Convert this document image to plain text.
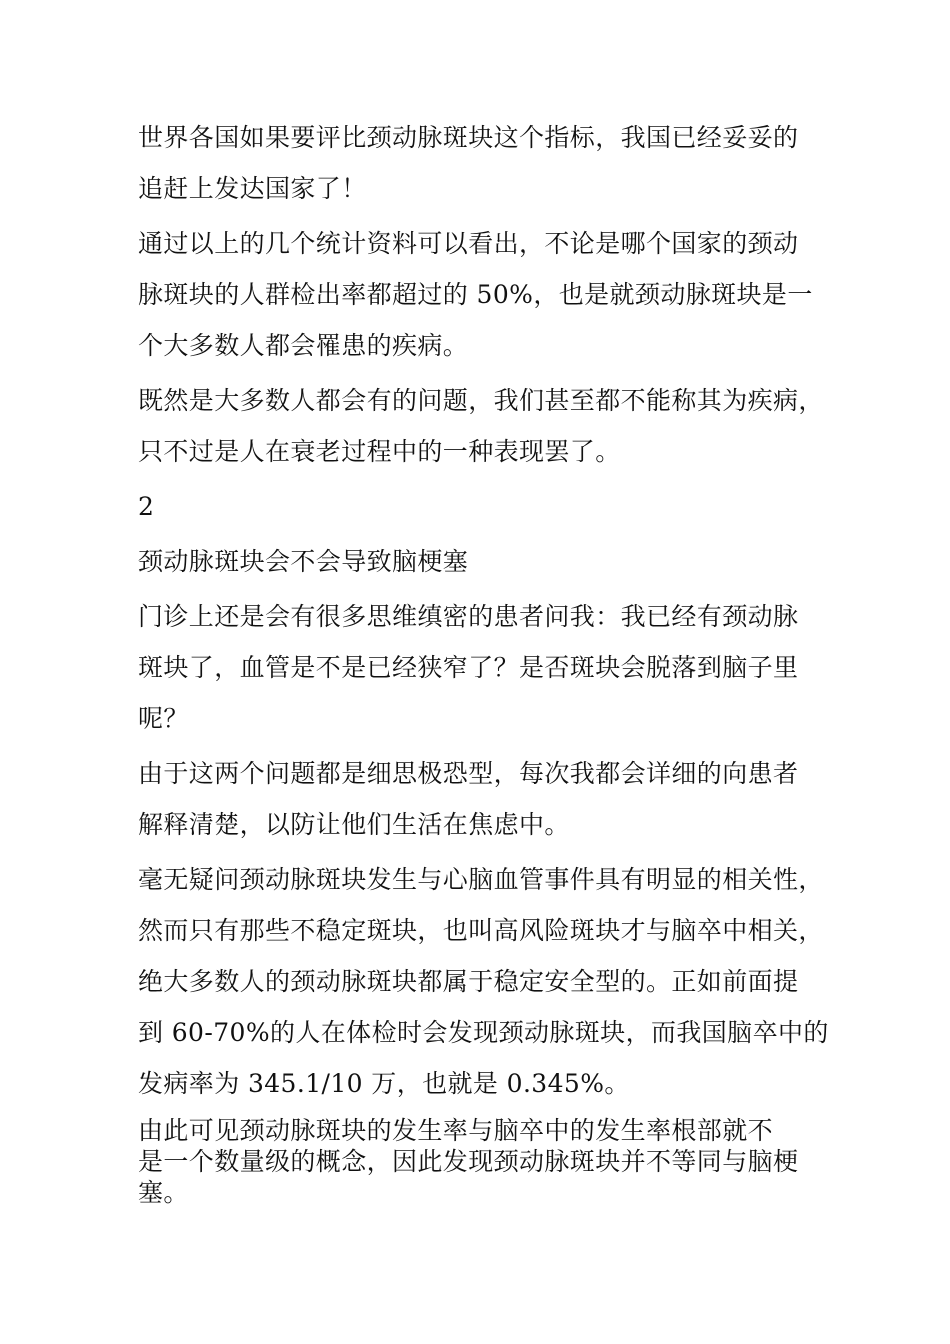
世界各国如果要评比颈动脉斑块这个指标，我国已经妥妥的
追赶上发达国家了！

通过以上的几个统计资料可以看出，不论是哪个国家的颈动
脉斑块的人群检出率都超过的 50%，也是就颈动脉斑块是一
个大多数人都会罹患的疾病。

既然是大多数人都会有的问题，我们甚至都不能称其为疾病，
只不过是人在衰老过程中的一种表现罢了。

2

颈动脉斑块会不会导致脑梗塞

门诊上还是会有很多思维缜密的患者问我：我已经有颈动脉
斑块了，血管是不是已经狭窄了？是否斑块会脱落到脑子里
呢？

由于这两个问题都是细思极恐型，每次我都会详细的向患者
解释清楚，以防让他们生活在焦虑中。

毫无疑问颈动脉斑块发生与心脑血管事件具有明显的相关性，
然而只有那些不稳定斑块，也叫高风险斑块才与脑卒中相关，
绝大多数人的颈动脉斑块都属于稳定安全型的。正如前面提
到 60-70%的人在体检时会发现颈动脉斑块，而我国脑卒中的
发病率为 345.1/10 万，也就是 0.345%。

由此可见颈动脉斑块的发生率与脑卒中的发生率根部就不
是一个数量级的概念，因此发现颈动脉斑块并不等同与脑梗
塞。
